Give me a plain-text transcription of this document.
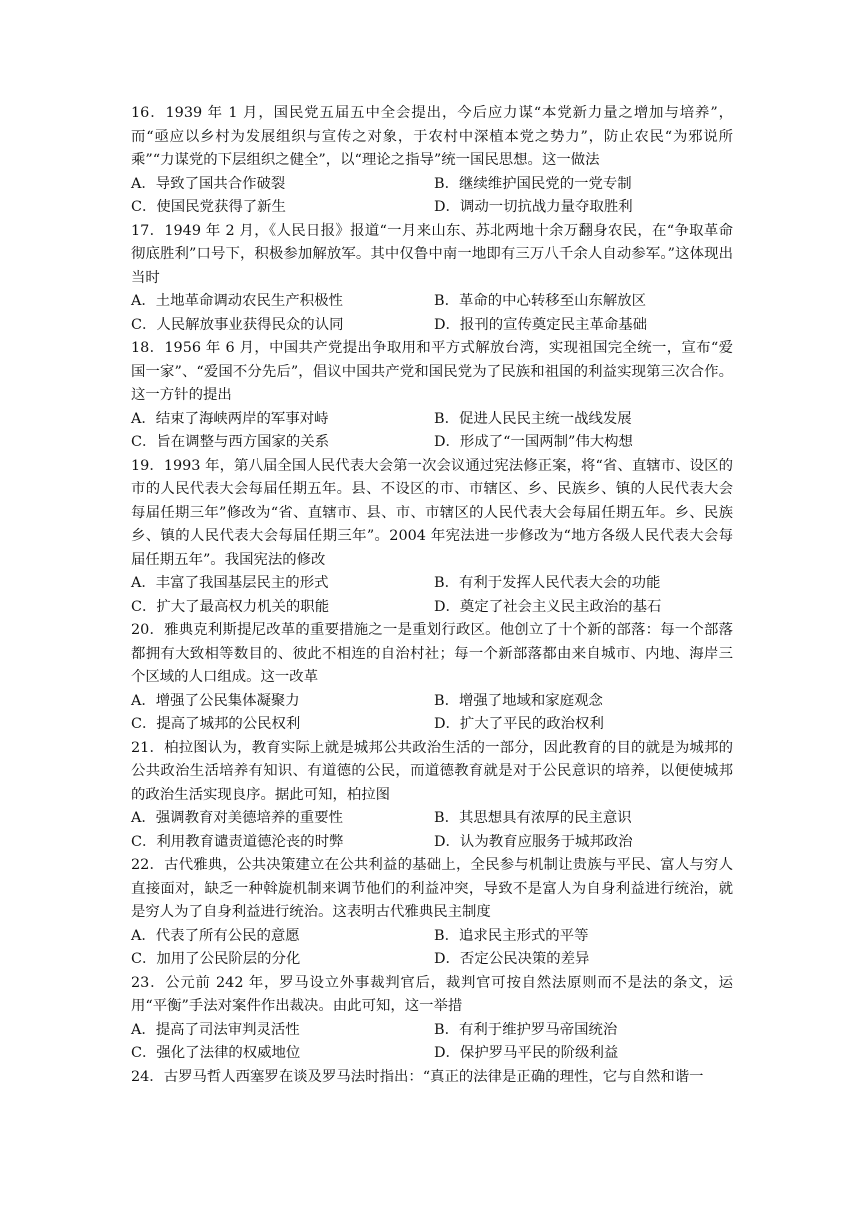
16．1939 年 1 月，国民党五届五中全会提出，今后应力谋“本党新力量之增加与培养”，而“亟应以乡村为发展组织与宣传之对象，于农村中深植本党之势力”，防止农民“为邪说所乘”“力谋党的下层组织之健全”，以“理论之指导”统一国民思想。这一做法

A．导致了国共合作破裂	B．继续维护国民党的一党专制
C．使国民党获得了新生	D．调动一切抗战力量夺取胜利

17．1949 年 2 月，《人民日报》报道“一月来山东、苏北两地十余万翻身农民，在“争取革命彻底胜利”口号下，积极参加解放军。其中仅鲁中南一地即有三万八千余人自动参军。”这体现出当时

A．土地革命调动农民生产积极性	B．革命的中心转移至山东解放区
C．人民解放事业获得民众的认同	D．报刊的宣传奠定民主革命基础

18．1956 年 6 月，中国共产党提出争取用和平方式解放台湾，实现祖国完全统一，宣布“爱国一家”、“爱国不分先后”，倡议中国共产党和国民党为了民族和祖国的利益实现第三次合作。这一方针的提出

A．结束了海峡两岸的军事对峙	B．促进人民民主统一战线发展
C．旨在调整与西方国家的关系	D．形成了“一国两制”伟大构想

19．1993 年，第八届全国人民代表大会第一次会议通过宪法修正案，将“省、直辖市、设区的市的人民代表大会每届任期五年。县、不设区的市、市辖区、乡、民族乡、镇的人民代表大会每届任期三年”修改为“省、直辖市、县、市、市辖区的人民代表大会每届任期五年。乡、民族乡、镇的人民代表大会每届任期三年”。2004 年宪法进一步修改为“地方各级人民代表大会每届任期五年”。我国宪法的修改

A．丰富了我国基层民主的形式	B．有利于发挥人民代表大会的功能
C．扩大了最高权力机关的职能	D．奠定了社会主义民主政治的基石

20．雅典克利斯提尼改革的重要措施之一是重划行政区。他创立了十个新的部落：每一个部落都拥有大致相等数目的、彼此不相连的自治村社；每一个新部落都由来自城市、内地、海岸三个区域的人口组成。这一改革

A．增强了公民集体凝聚力	B．增强了地域和家庭观念
C．提高了城邦的公民权利	D．扩大了平民的政治权利

21．柏拉图认为，教育实际上就是城邦公共政治生活的一部分，因此教育的目的就是为城邦的公共政治生活培养有知识、有道德的公民，而道德教育就是对于公民意识的培养，以便使城邦的政治生活实现良序。据此可知，柏拉图

A．强调教育对美德培养的重要性	B．其思想具有浓厚的民主意识
C．利用教育谴责道德沦丧的时弊	D．认为教育应服务于城邦政治

22．古代雅典，公共决策建立在公共利益的基础上，全民参与机制让贵族与平民、富人与穷人直接面对，缺乏一种斡旋机制来调节他们的利益冲突，导致不是富人为自身利益进行统治，就是穷人为了自身利益进行统治。这表明古代雅典民主制度

A．代表了所有公民的意愿	B．追求民主形式的平等
C．加用了公民阶层的分化	D．否定公民决策的差异

23．公元前 242 年，罗马设立外事裁判官后，裁判官可按自然法原则而不是法的条文，运用“平衡”手法对案件作出裁决。由此可知，这一举措

A．提高了司法审判灵活性	B．有利于维护罗马帝国统治
C．强化了法律的权威地位	D．保护罗马平民的阶级利益

24．古罗马哲人西塞罗在谈及罗马法时指出：“真正的法律是正确的理性，它与自然和谐一
